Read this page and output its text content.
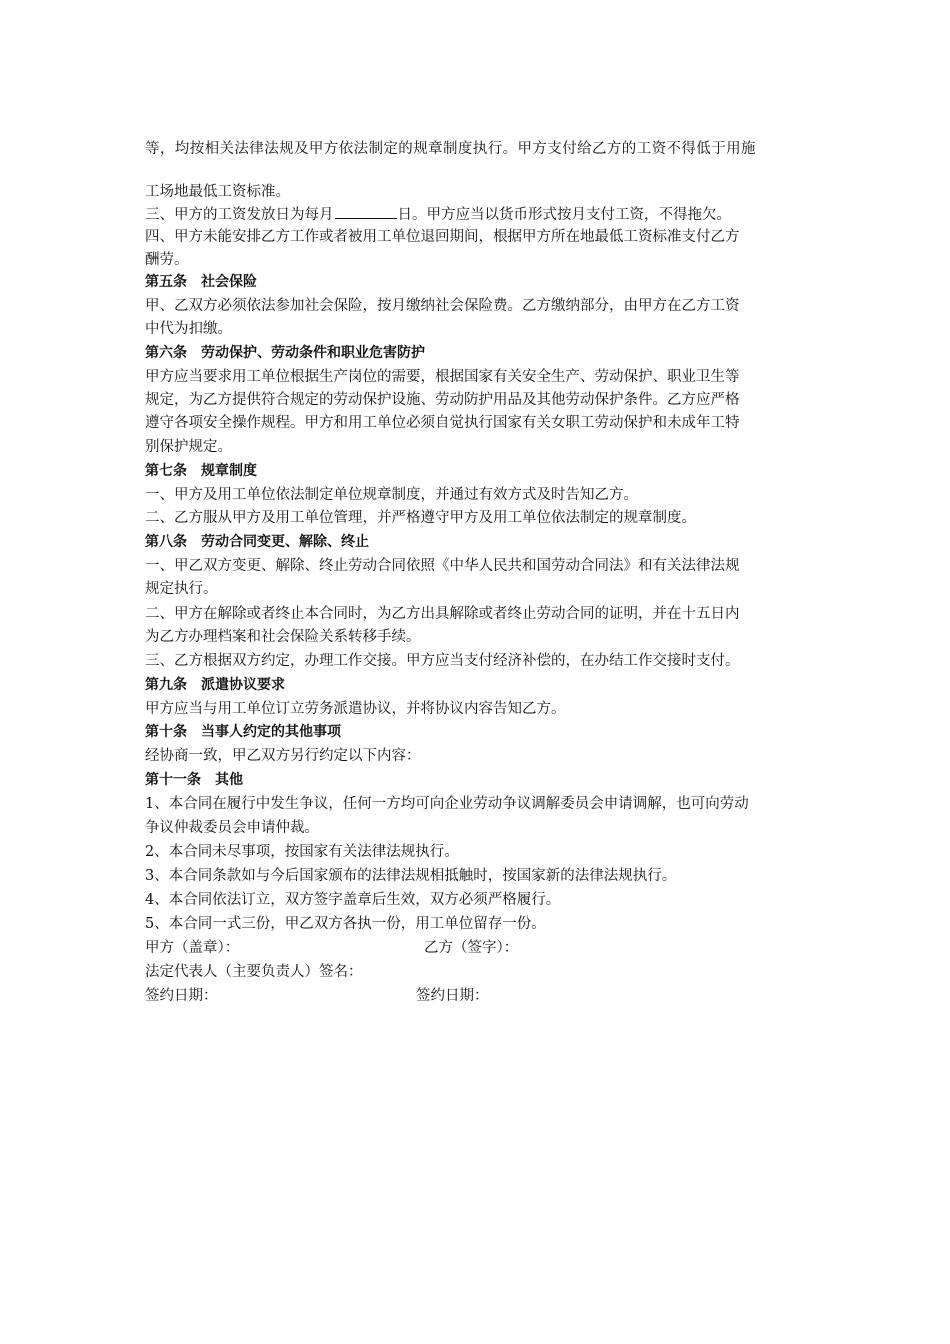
等，均按相关法律法规及甲方依法制定的规章制度执行。甲方支付给乙方的工资不得低于用施
工场地最低工资标准。
三、甲方的工资发放日为每月	日。甲方应当以货币形式按月支付工资，不得拖欠。
四、甲方未能安排乙方工作或者被用工单位退回期间，根据甲方所在地最低工资标准支付乙方
酬劳。
第五条　社会保险
甲、乙双方必须依法参加社会保险，按月缴纳社会保险费。乙方缴纳部分，由甲方在乙方工资
中代为扣缴。
第六条　劳动保护、劳动条件和职业危害防护
甲方应当要求用工单位根据生产岗位的需要，根据国家有关安全生产、劳动保护、职业卫生等
规定，为乙方提供符合规定的劳动保护设施、劳动防护用品及其他劳动保护条件。乙方应严格
遵守各项安全操作规程。甲方和用工单位必须自觉执行国家有关女职工劳动保护和未成年工特
别保护规定。
第七条　规章制度
一、甲方及用工单位依法制定单位规章制度，并通过有效方式及时告知乙方。
二、乙方服从甲方及用工单位管理，并严格遵守甲方及用工单位依法制定的规章制度。
第八条　劳动合同变更、解除、终止
一、甲乙双方变更、解除、终止劳动合同依照《中华人民共和国劳动合同法》和有关法律法规
规定执行。
二、甲方在解除或者终止本合同时，为乙方出具解除或者终止劳动合同的证明，并在十五日内
为乙方办理档案和社会保险关系转移手续。
三、乙方根据双方约定，办理工作交接。甲方应当支付经济补偿的，在办结工作交接时支付。
第九条　派遣协议要求
甲方应当与用工单位订立劳务派遣协议，并将协议内容告知乙方。
第十条　当事人约定的其他事项
经协商一致，甲乙双方另行约定以下内容：
第十一条　其他
1、本合同在履行中发生争议，任何一方均可向企业劳动争议调解委员会申请调解，也可向劳动
争议仲裁委员会申请仲裁。
2、本合同未尽事项，按国家有关法律法规执行。
3、本合同条款如与今后国家颁布的法律法规相抵触时，按国家新的法律法规执行。
4、本合同依法订立，双方签字盖章后生效，双方必须严格履行。
5、本合同一式三份，甲乙双方各执一份，用工单位留存一份。
甲方（盖章）：	乙方（签字）：
法定代表人（主要负责人）签名：
签约日期：	签约日期：
